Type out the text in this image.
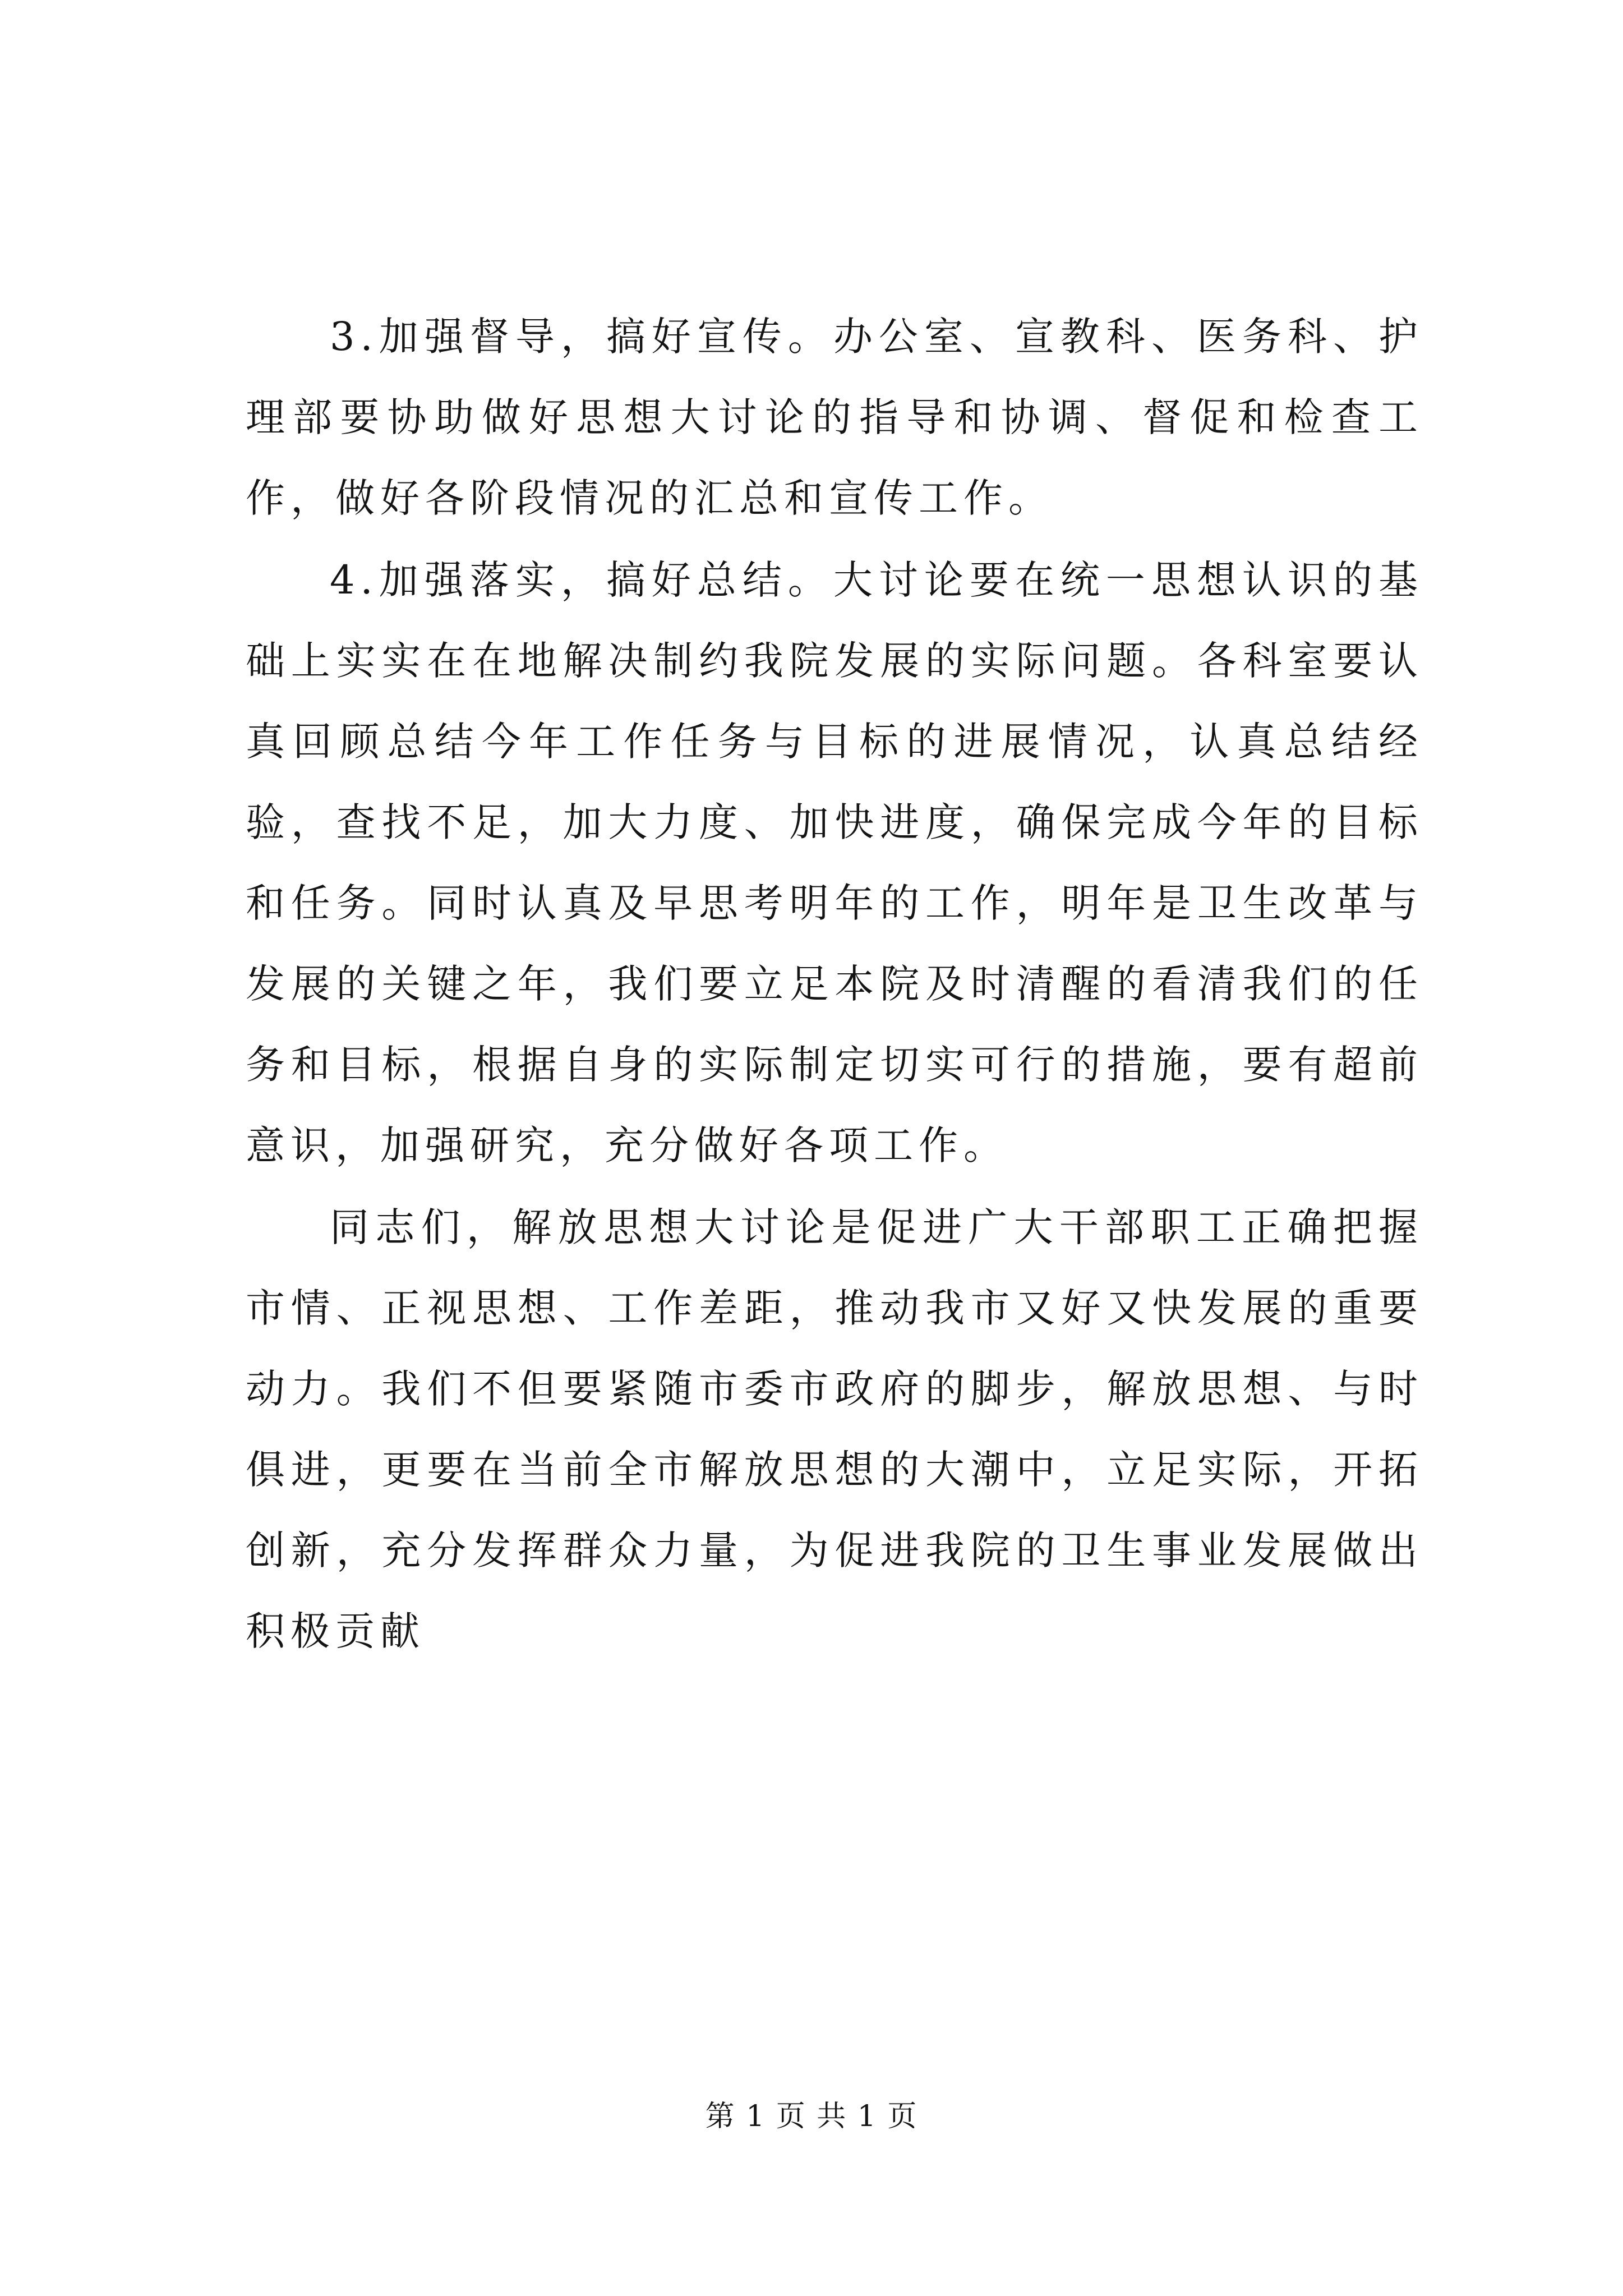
3.加强督导，搞好宣传。办公室、宣教科、医务科、护理部要协助做好思想大讨论的指导和协调、督促和检查工作，做好各阶段情况的汇总和宣传工作。

4.加强落实，搞好总结。大讨论要在统一思想认识的基础上实实在在地解决制约我院发展的实际问题。各科室要认真回顾总结今年工作任务与目标的进展情况，认真总结经验，查找不足，加大力度、加快进度，确保完成今年的目标和任务。同时认真及早思考明年的工作，明年是卫生改革与发展的关键之年，我们要立足本院及时清醒的看清我们的任务和目标，根据自身的实际制定切实可行的措施，要有超前意识，加强研究，充分做好各项工作。

同志们，解放思想大讨论是促进广大干部职工正确把握市情、正视思想、工作差距，推动我市又好又快发展的重要动力。我们不但要紧随市委市政府的脚步，解放思想、与时俱进，更要在当前全市解放思想的大潮中，立足实际，开拓创新，充分发挥群众力量，为促进我院的卫生事业发展做出积极贡献

第 1 页 共 1 页
